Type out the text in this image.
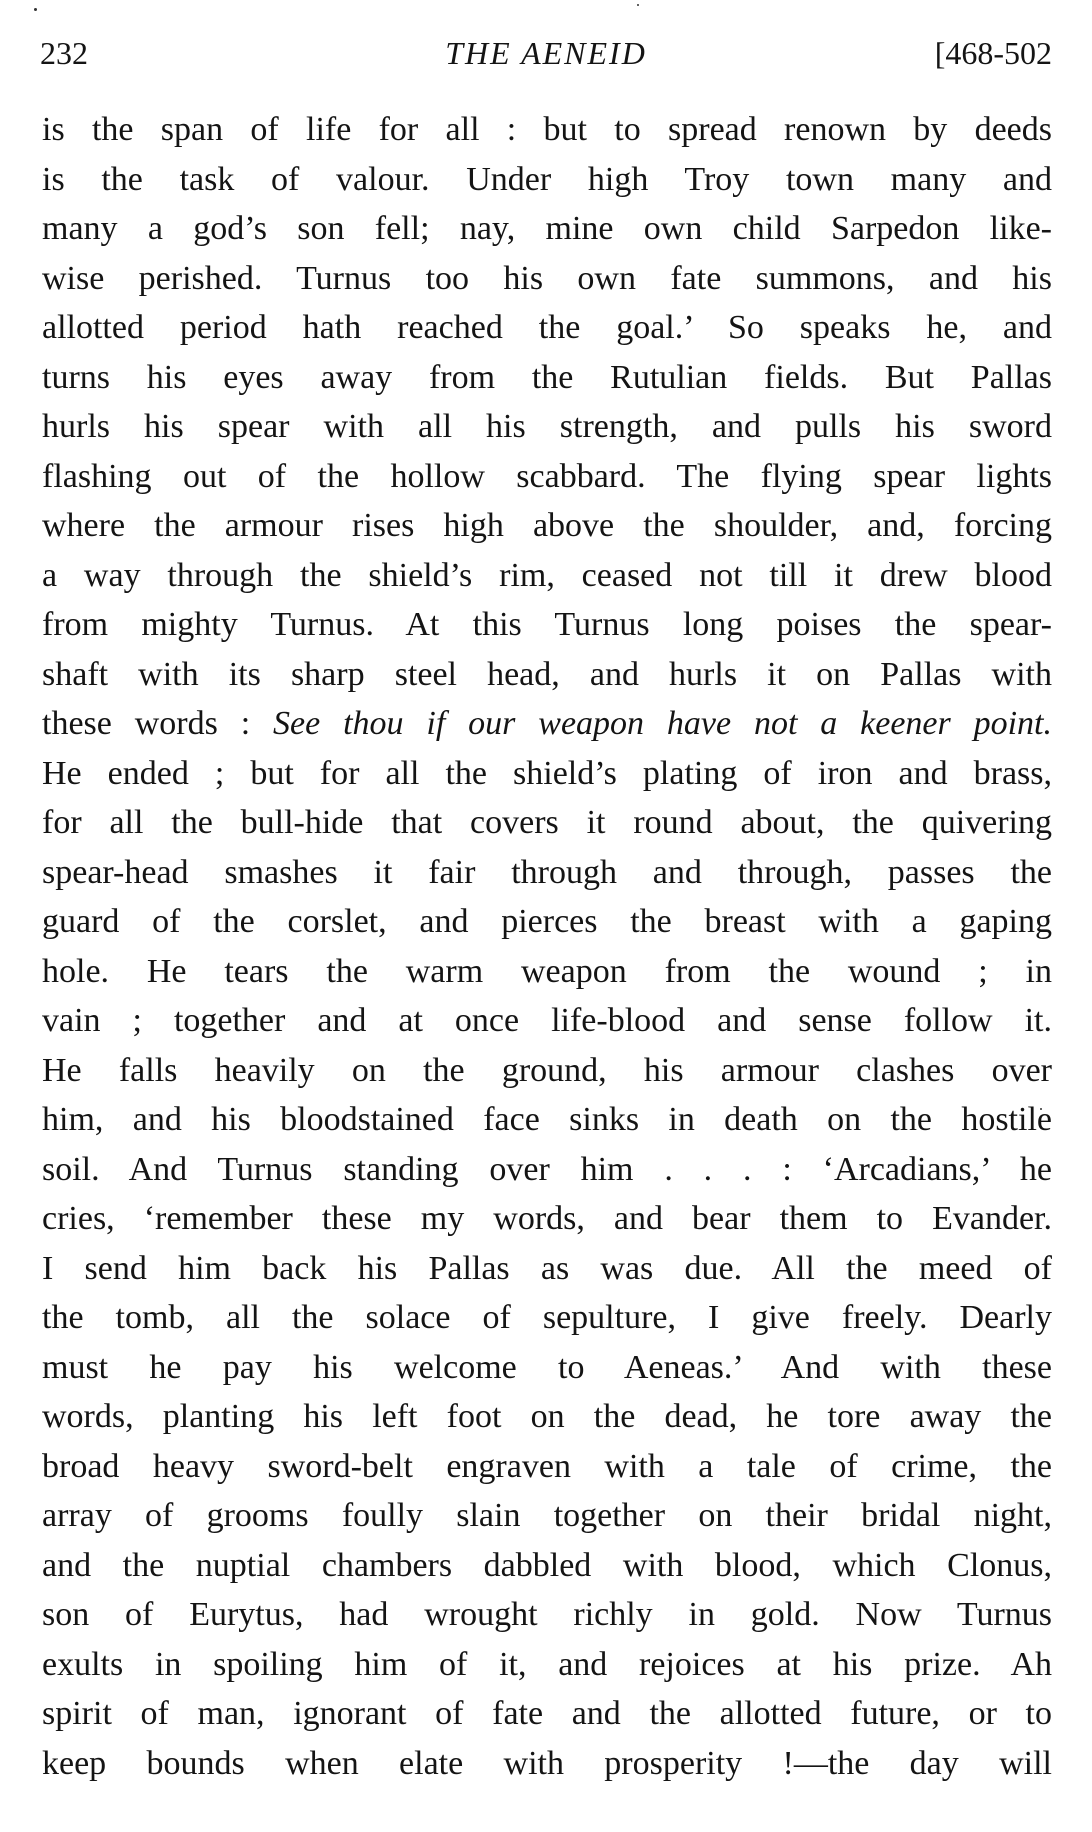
232	THE AENEID	[468-502
is the span of life for all : but to spread renown by deeds
is the task of valour. Under high Troy town many and
many a god’s son fell; nay, mine own child Sarpedon like-
wise perished. Turnus too his own fate summons, and his
allotted period hath reached the goal.’ So speaks he, and
turns his eyes away from the Rutulian fields. But Pallas
hurls his spear with all his strength, and pulls his sword
flashing out of the hollow scabbard. The flying spear lights
where the armour rises high above the shoulder, and, forcing
a way through the shield’s rim, ceased not till it drew blood
from mighty Turnus. At this Turnus long poises the spear-
shaft with its sharp steel head, and hurls it on Pallas with
these words : See thou if our weapon have not a keener point.
He ended ; but for all the shield’s plating of iron and brass,
for all the bull-hide that covers it round about, the quivering
spear-head smashes it fair through and through, passes the
guard of the corslet, and pierces the breast with a gaping
hole. He tears the warm weapon from the wound ; in
vain ; together and at once life-blood and sense follow it.
He falls heavily on the ground, his armour clashes over
him, and his bloodstained face sinks in death on the hostile
soil. And Turnus standing over him . . . : ‘Arcadians,’ he
cries, ‘remember these my words, and bear them to Evander.
I send him back his Pallas as was due. All the meed of
the tomb, all the solace of sepulture, I give freely. Dearly
must he pay his welcome to Aeneas.’ And with these
words, planting his left foot on the dead, he tore away the
broad heavy sword-belt engraven with a tale of crime, the
array of grooms foully slain together on their bridal night,
and the nuptial chambers dabbled with blood, which Clonus,
son of Eurytus, had wrought richly in gold. Now Turnus
exults in spoiling him of it, and rejoices at his prize. Ah
spirit of man, ignorant of fate and the allotted future, or to
keep bounds when elate with prosperity !—the day will
